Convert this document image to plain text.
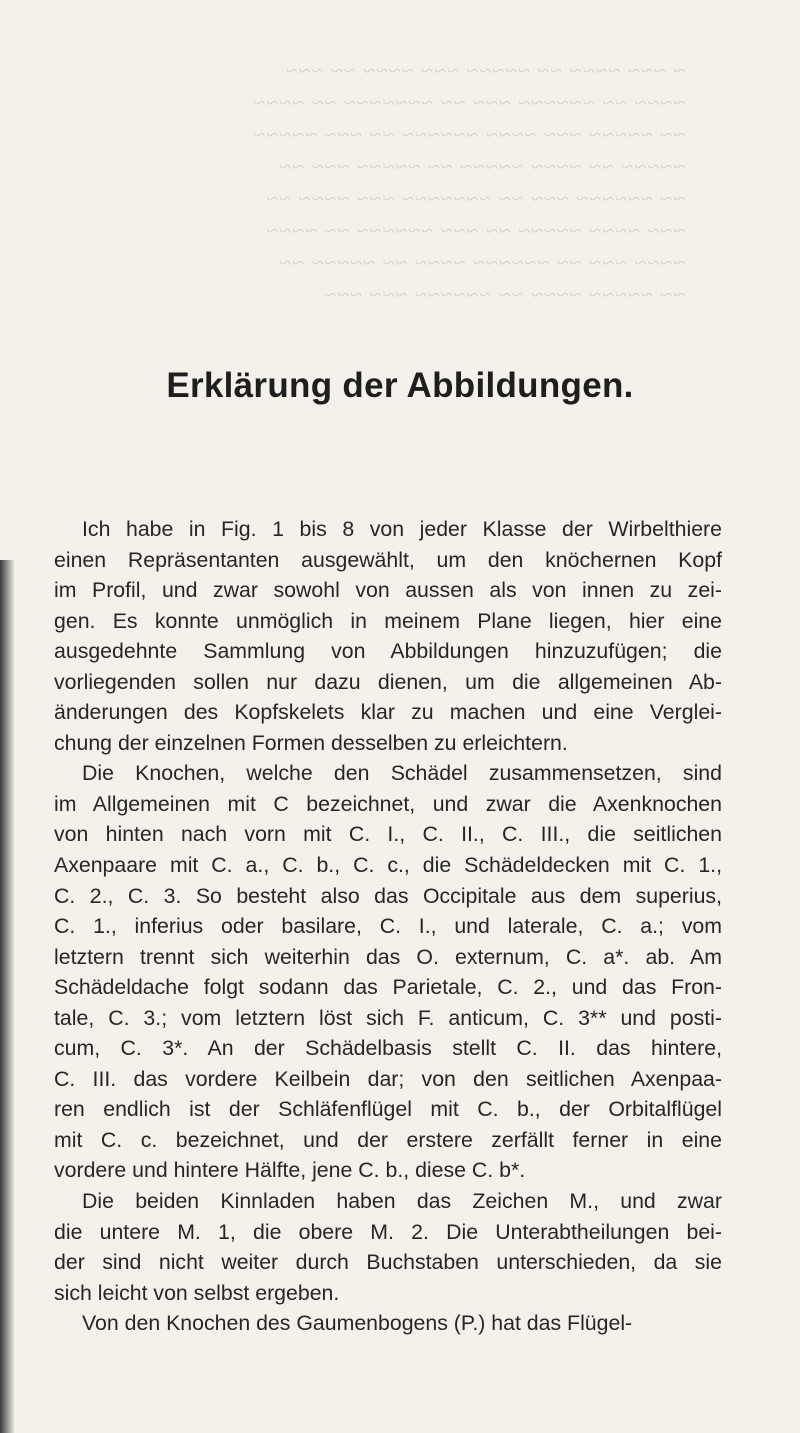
~ ~~~ ~~~~ ~~ ~~~~~ ~~~ ~~~~ ~~ ~~~
~~~~ ~~ ~~~~~~ ~~~ ~~ ~~~~~~~ ~~ ~~~~
~~ ~~~~~ ~~~ ~~~~ ~~~~~~ ~~ ~~~ ~~~~~
~~~~~ ~~ ~~~~ ~~~~~ ~~ ~~~~~ ~~~ ~~
~~ ~~~~~~ ~~~ ~~ ~~~~~~~ ~~~ ~~~~ ~~
~~~ ~~~~ ~~~~~ ~~ ~~~ ~~~~~~ ~~ ~~~~
~~~~ ~~~ ~~ ~~~~~~ ~~~~ ~~ ~~~~~ ~~
~~ ~~~~~ ~~~~ ~~ ~~~~~~ ~~~ ~~~
Erklärung der Abbildungen.
Ich habe in Fig. 1 bis 8 von jeder Klasse der Wirbelthiere
einen Repräsentanten ausgewählt, um den knöchernen Kopf
im Profil, und zwar sowohl von aussen als von innen zu zei-
gen. Es konnte unmöglich in meinem Plane liegen, hier eine
ausgedehnte Sammlung von Abbildungen hinzuzufügen; die
vorliegenden sollen nur dazu dienen, um die allgemeinen Ab-
änderungen des Kopfskelets klar zu machen und eine Verglei-
chung der einzelnen Formen desselben zu erleichtern.
Die Knochen, welche den Schädel zusammensetzen, sind
im Allgemeinen mit C bezeichnet, und zwar die Axenknochen
von hinten nach vorn mit C. I., C. II., C. III., die seitlichen
Axenpaare mit C. a., C. b., C. c., die Schädeldecken mit C. 1.,
C. 2., C. 3. So besteht also das Occipitale aus dem superius,
C. 1., inferius oder basilare, C. I., und laterale, C. a.; vom
letztern trennt sich weiterhin das O. externum, C. a*. ab. Am
Schädeldache folgt sodann das Parietale, C. 2., und das Fron-
tale, C. 3.; vom letztern löst sich F. anticum, C. 3** und posti-
cum, C. 3*. An der Schädelbasis stellt C. II. das hintere,
C. III. das vordere Keilbein dar; von den seitlichen Axenpaa-
ren endlich ist der Schläfenflügel mit C. b., der Orbitalflügel
mit C. c. bezeichnet, und der erstere zerfällt ferner in eine
vordere und hintere Hälfte, jene C. b., diese C. b*.
Die beiden Kinnladen haben das Zeichen M., und zwar
die untere M. 1, die obere M. 2. Die Unterabtheilungen bei-
der sind nicht weiter durch Buchstaben unterschieden, da sie
sich leicht von selbst ergeben.
Von den Knochen des Gaumenbogens (P.) hat das Flügel-
